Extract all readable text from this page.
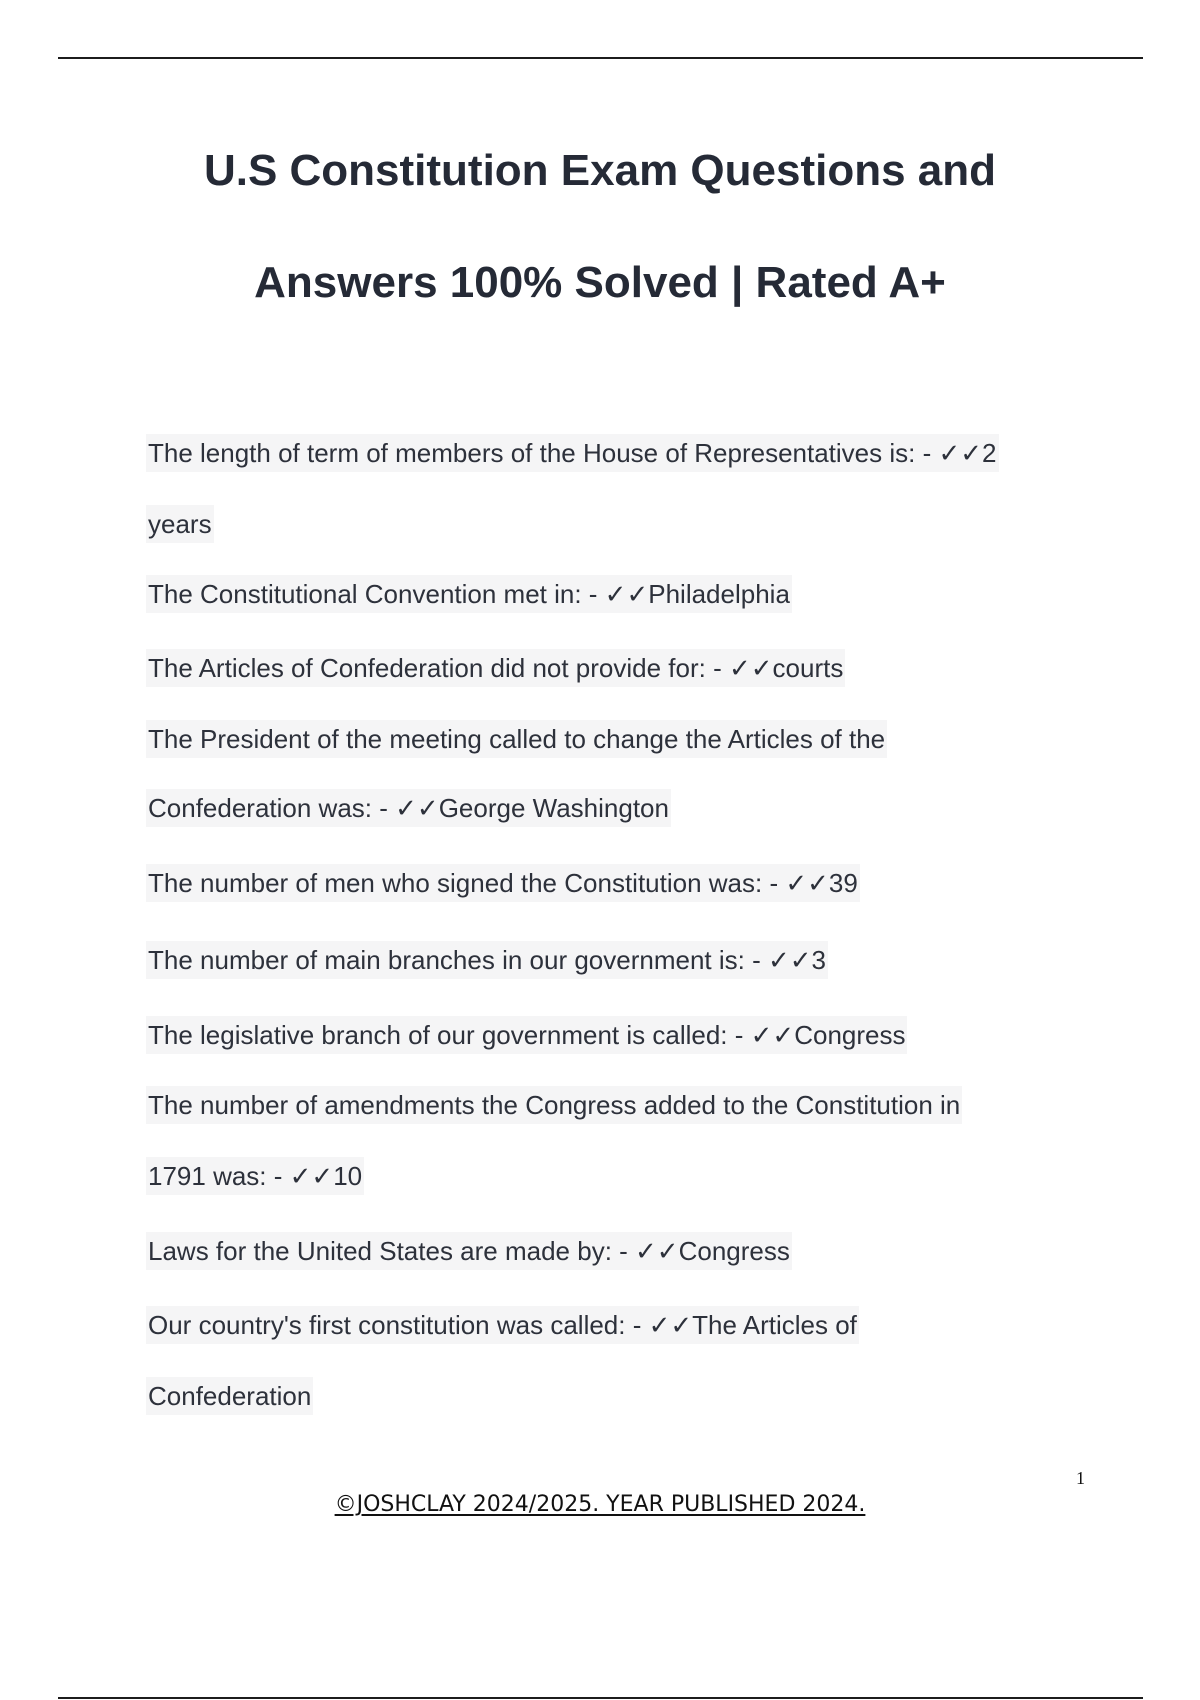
U.S Constitution Exam Questions and
Answers 100% Solved | Rated A+
The length of term of members of the House of Representatives is: - ✓✓2
years
The Constitutional Convention met in: - ✓✓Philadelphia
The Articles of Confederation did not provide for: - ✓✓courts
The President of the meeting called to change the Articles of the
Confederation was: - ✓✓George Washington
The number of men who signed the Constitution was: - ✓✓39
The number of main branches in our government is: - ✓✓3
The legislative branch of our government is called: - ✓✓Congress
The number of amendments the Congress added to the Constitution in
1791 was: - ✓✓10
Laws for the United States are made by: - ✓✓Congress
Our country's first constitution was called: - ✓✓The Articles of
Confederation
1
©JOSHCLAY 2024/2025. YEAR PUBLISHED 2024.
